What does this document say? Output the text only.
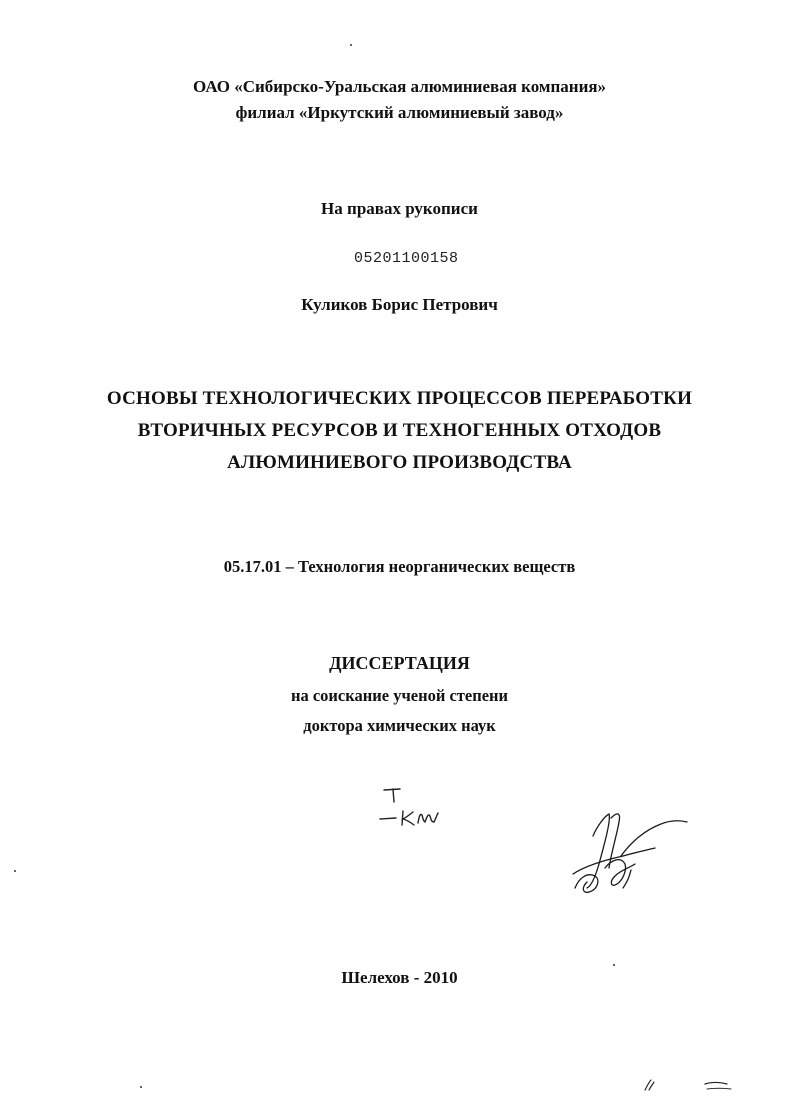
ОАО «Сибирско-Уральская алюминиевая компания»
филиал «Иркутский алюминиевый завод»
На правах рукописи
05201100158
Куликов Борис Петрович
ОСНОВЫ ТЕХНОЛОГИЧЕСКИХ ПРОЦЕССОВ ПЕРЕРАБОТКИ
ВТОРИЧНЫХ РЕСУРСОВ И ТЕХНОГЕННЫХ ОТХОДОВ
АЛЮМИНИЕВОГО ПРОИЗВОДСТВА
05.17.01 – Технология неорганических веществ
ДИССЕРТАЦИЯ
на соискание ученой степени
доктора химических наук
Шелехов - 2010
